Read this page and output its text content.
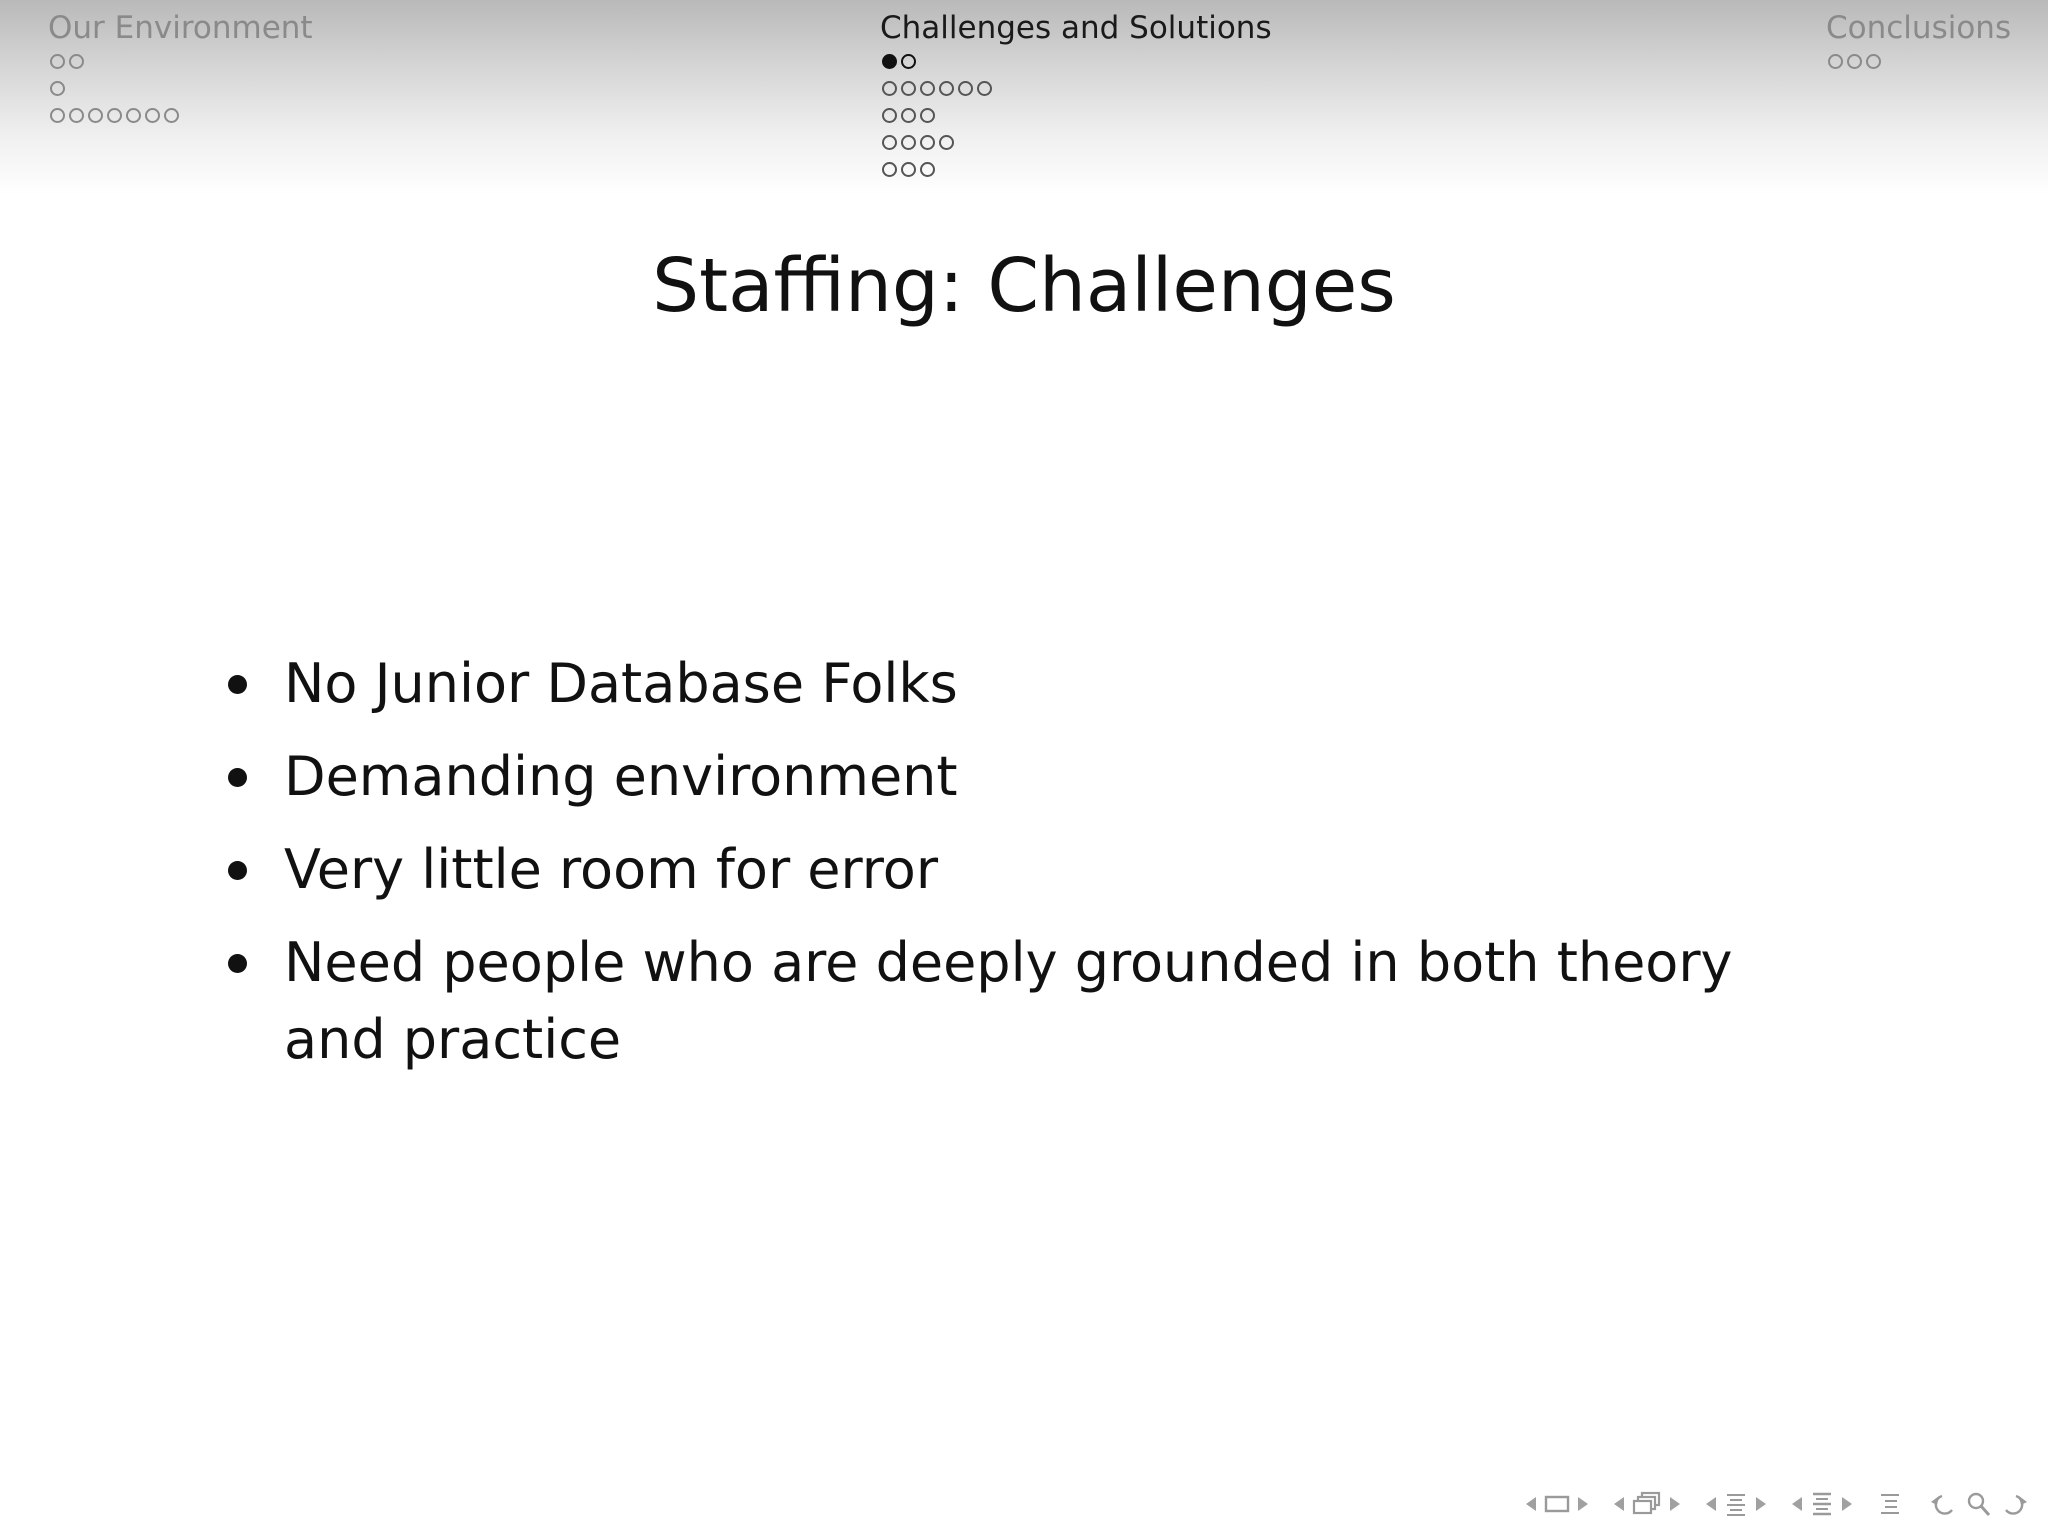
Our Environment	Challenges and Solutions	Conclusions
Staffing: Challenges
No Junior Database Folks
Demanding environment
Very little room for error
Need people who are deeply grounded in both theory and practice
